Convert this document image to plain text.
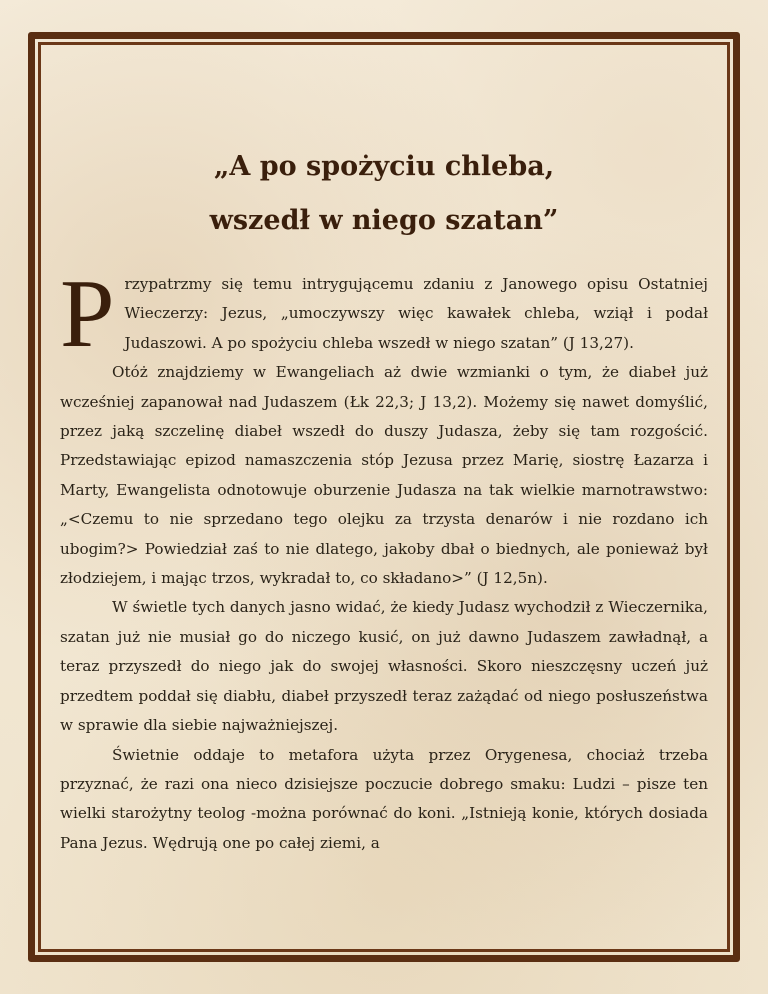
„A po spożyciu chleba,
wszedł w niego szatan”

Przypatrzmy się temu intrygującemu zdaniu z Janowego opisu Ostatniej Wieczerzy: Jezus, „umoczywszy więc kawałek chleba, wziął i podał Judaszowi. A po spożyciu chleba wszedł w niego szatan” (J 13,27).

Otóż znajdziemy w Ewangeliach aż dwie wzmianki o tym, że diabeł już wcześniej zapanował nad Judaszem (Łk 22,3; J 13,2). Możemy się nawet domyślić, przez jaką szczelinę diabeł wszedł do duszy Judasza, żeby się tam rozgościć. Przedstawiając epizod namaszczenia stóp Jezusa przez Marię, siostrę Łazarza i Marty, Ewangelista odnotowuje oburzenie Judasza na tak wielkie marnotrawstwo: „<Czemu to nie sprzedano tego olejku za trzysta denarów i nie rozdano ich ubogim?> Powiedział zaś to nie dlatego, jakoby dbał o biednych, ale ponieważ był złodziejem, i mając trzos, wykradał to, co składano>” (J 12,5n).

W świetle tych danych jasno widać, że kiedy Judasz wychodził z Wieczernika, szatan już nie musiał go do niczego kusić, on już dawno Judaszem zawładnął, a teraz przyszedł do niego jak do swojej własności. Skoro nieszczęsny uczeń już przedtem poddał się diabłu, diabeł przyszedł teraz zażądać od niego posłuszeństwa w sprawie dla siebie najważniejszej.

Świetnie oddaje to metafora użyta przez Orygenesa, chociaż trzeba przyznać, że razi ona nieco dzisiejsze poczucie dobrego smaku: Ludzi – pisze ten wielki starożytny teolog -można porównać do koni. „Istnieją konie, których dosiada Pana Jezus. Wędrują one po całej ziemi, a
